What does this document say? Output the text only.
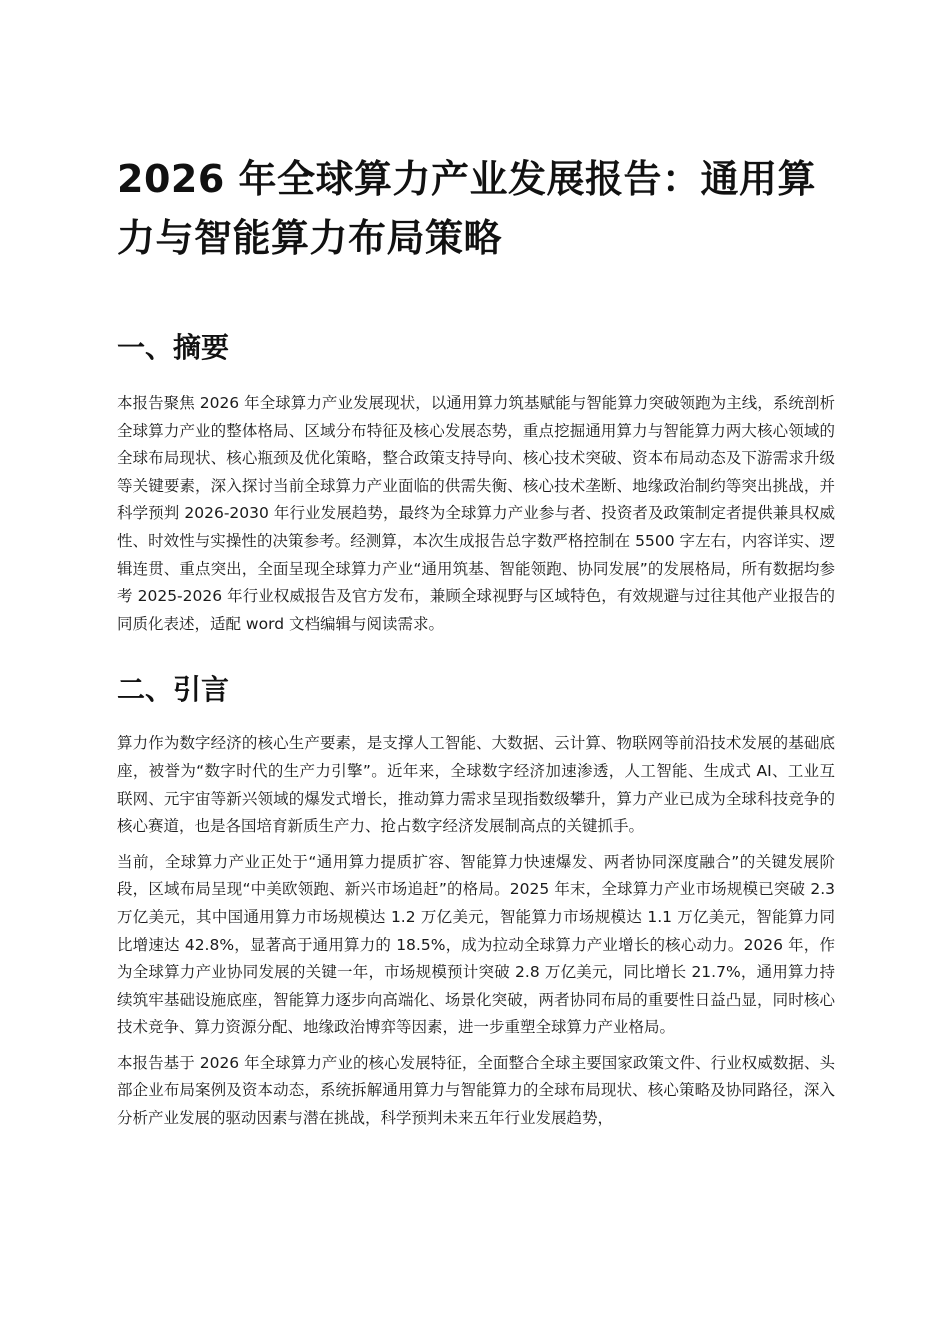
2026 年全球算力产业发展报告：通用算力与智能算力布局策略
一、摘要

本报告聚焦 2026 年全球算力产业发展现状，以通用算力筑基赋能与智能算力突破领跑为主线，系统剖析全球算力产业的整体格局、区域分布特征及核心发展态势，重点挖掘通用算力与智能算力两大核心领域的全球布局现状、核心瓶颈及优化策略，整合政策支持导向、核心技术突破、资本布局动态及下游需求升级等关键要素，深入探讨当前全球算力产业面临的供需失衡、核心技术垄断、地缘政治制约等突出挑战，并科学预判 2026-2030 年行业发展趋势，最终为全球算力产业参与者、投资者及政策制定者提供兼具权威性、时效性与实操性的决策参考。经测算，本次生成报告总字数严格控制在 5500 字左右，内容详实、逻辑连贯、重点突出，全面呈现全球算力产业“通用筑基、智能领跑、协同发展”的发展格局，所有数据均参考 2025-2026 年行业权威报告及官方发布，兼顾全球视野与区域特色，有效规避与过往其他产业报告的同质化表述，适配 word 文档编辑与阅读需求。

二、引言

算力作为数字经济的核心生产要素，是支撑人工智能、大数据、云计算、物联网等前沿技术发展的基础底座，被誉为“数字时代的生产力引擎”。近年来，全球数字经济加速渗透，人工智能、生成式 AI、工业互联网、元宇宙等新兴领域的爆发式增长，推动算力需求呈现指数级攀升，算力产业已成为全球科技竞争的核心赛道，也是各国培育新质生产力、抢占数字经济发展制高点的关键抓手。

当前，全球算力产业正处于“通用算力提质扩容、智能算力快速爆发、两者协同深度融合”的关键发展阶段，区域布局呈现“中美欧领跑、新兴市场追赶”的格局。2025 年末，全球算力产业市场规模已突破 2.3 万亿美元，其中国通用算力市场规模达 1.2 万亿美元，智能算力市场规模达 1.1 万亿美元，智能算力同比增速达 42.8%，显著高于通用算力的 18.5%，成为拉动全球算力产业增长的核心动力。2026 年，作为全球算力产业协同发展的关键一年，市场规模预计突破 2.8 万亿美元，同比增长 21.7%，通用算力持续筑牢基础设施底座，智能算力逐步向高端化、场景化突破，两者协同布局的重要性日益凸显，同时核心技术竞争、算力资源分配、地缘政治博弈等因素，进一步重塑全球算力产业格局。

本报告基于 2026 年全球算力产业的核心发展特征，全面整合全球主要国家政策文件、行业权威数据、头部企业布局案例及资本动态，系统拆解通用算力与智能算力的全球布局现状、核心策略及协同路径，深入分析产业发展的驱动因素与潜在挑战，科学预判未来五年行业发展趋势，
